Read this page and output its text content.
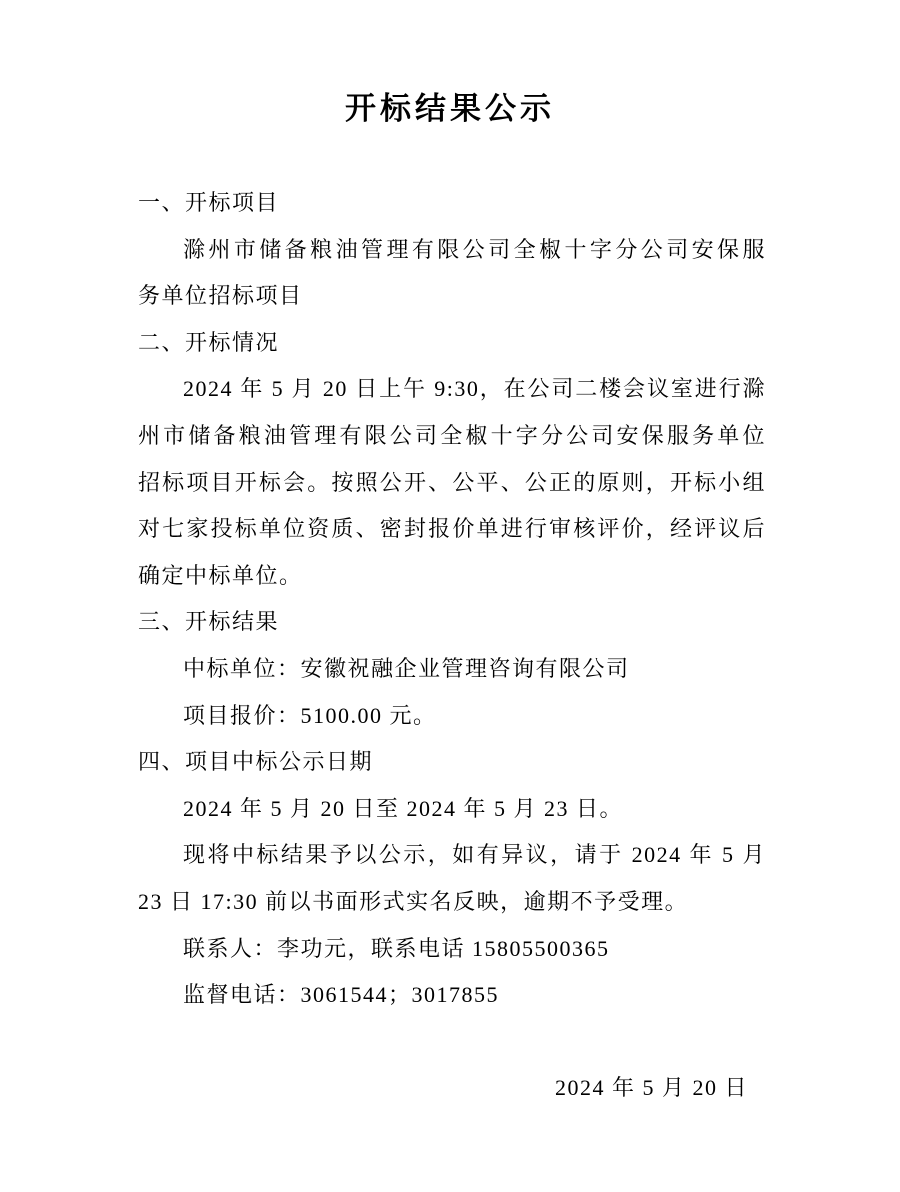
开标结果公示
一、开标项目
滁州市储备粮油管理有限公司全椒十字分公司安保服
务单位招标项目
二、开标情况
2024 年 5 月 20 日上午 9:30，在公司二楼会议室进行滁
州市储备粮油管理有限公司全椒十字分公司安保服务单位
招标项目开标会。按照公开、公平、公正的原则，开标小组
对七家投标单位资质、密封报价单进行审核评价，经评议后
确定中标单位。
三、开标结果
中标单位：安徽祝融企业管理咨询有限公司
项目报价：5100.00 元。
四、项目中标公示日期
2024 年 5 月 20 日至 2024 年 5 月 23 日。
现将中标结果予以公示，如有异议，请于 2024 年 5 月
23 日 17:30 前以书面形式实名反映，逾期不予受理。
联系人：李功元，联系电话 15805500365
监督电话：3061544；3017855
2024 年 5 月 20 日
